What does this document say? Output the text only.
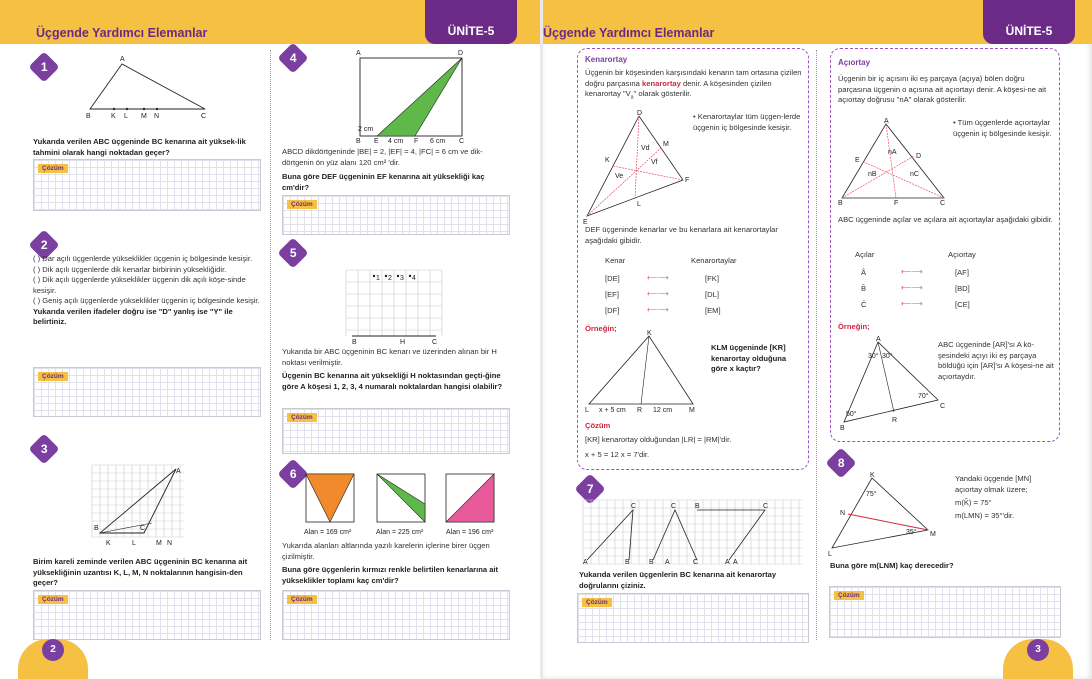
Üçgende Yardımcı Elemanlar	ÜNİTE-5
1
A
B	K L M N	C
Yukarıda verilen ABC üçgeninde BC kenarına ait yüksek-lik tahmini olarak hangi noktadan geçer?
Çözüm
2
( ) Dar açılı üçgenlerde yükseklikler üçgenin iç bölgesinde kesişir.
( ) Dik açılı üçgenlerde dik kenarlar birbirinin yüksekliğidir.
( ) Dik açılı üçgenlerde yükseklikler üçgenin dik açılı köşe-sinde kesişir.
( ) Geniş açılı üçgenlerde yükseklikler üçgenin iç bölgesinde kesişir.
Yukarıda verilen ifadeler doğru ise "D" yanlış ise "Y" ile belirtiniz.
Çözüm
3
A
B	C
K	L	M N
Birim kareli zeminde verilen ABC üçgeninin BC kenarına ait yüksekliğinin uzantısı K, L, M, N noktalarının hangisin-den geçer?
Çözüm
4	A	D
B E	F	C
2 cm
4 cm	6 cm
ABCD dikdörtgeninde |BE| = 2, |EF| = 4, |FC| = 6 cm ve dik-dörtgenin ön yüz alanı 120 cm² 'dir.
Buna göre DEF üçgeninin EF kenarına ait yüksekliği kaç cm'dir?
Çözüm
5
1 2 3 4
B	H	C
Yukarıda bir ABC üçgeninin BC kenarı ve üzerinden alınan bir H noktası verilmiştir.
Üçgenin BC kenarına ait yüksekliği H noktasından geçti-ğine göre A köşesi 1, 2, 3, 4 numaralı noktalardan hangisi olabilir?
Çözüm
6
Alan = 169 cm²	Alan = 225 cm²	Alan = 196 cm²
Yukarıda alanları altlarında yazılı karelerin içlerine birer üçgen çizilmiştir.
Buna göre üçgenlerin kırmızı renkle belirtilen kenarlarına ait yükseklikler toplamı kaç cm'dir?
Çözüm
2
Üçgende Yardımcı Elemanlar	ÜNİTE-5
Kenarortay
Üçgenin bir köşesinden karşısındaki kenarın tam ortasına çizilen doğru parçasına kenarortay denir. A köşesinden çizilen kenarortay "$V_a$" olarak gösterilir.
D
M
K
F
E
L
Vd
Vf
Ve
• Kenarortaylar tüm üçgen-lerde üçgenin iç bölgesinde kesişir.
DEF üçgeninde kenarlar ve bu kenarlara ait kenarortaylar aşağıdaki gibidir.
Kenar	Kenarortaylar
Örneğin;
K
L x + 5 cm R 12 cm M
KLM üçgeninde [KR] kenarortay olduğuna göre x kaçtır?
Çözüm
[KR] kenarortay olduğundan |LR| = |RM|'dir.
x + 5 = 12 x = 7'dir.
Açıortay
Üçgenin bir iç açısını iki eş parçaya (açıya) bölen doğru parçasına üçgenin o açısına ait açıortayı denir. A köşesi-ne ait açıortay doğrusu "nA" olarak gösterilir.
A
D
E
B	F	C
nA
nB	nC
• Tüm üçgenlerde açıortaylar üçgenin iç bölgesinde kesişir.
ABC üçgeninde açılar ve açılara ait açıortaylar aşağıdaki gibidir.
Açılar	Açıortay
Örneğin;
A
30° 30°
50°
70°
R
B
C
ABC üçgeninde [AR]'sı A kö-şesindeki açıyı iki eş parçaya böldüğü için [AR]'sı A köşesi-ne ait açıortaydır.
7
C	C	B	C
A	B	B A	C	A A
Yukarıda verilen üçgenlerin BC kenarına ait kenarortay doğrularını çiziniz.
Çözüm
8
K
75°
N
L
M
35°
Yandaki üçgende [MN] açıortay olmak üzere;
m(K̂) = 75°
m(LMN) = 35°'dir.
Buna göre m(LNM) kaç derecedir?
Çözüm
3
[DE]	⟵⟶	[FK]
[EF]	⟵⟶	[DL]
[DF]	⟵⟶	[EM]
Â	⟵⟶	[AF]
B̂	⟵⟶	[BD]
Ĉ	⟵⟶	[CE]
